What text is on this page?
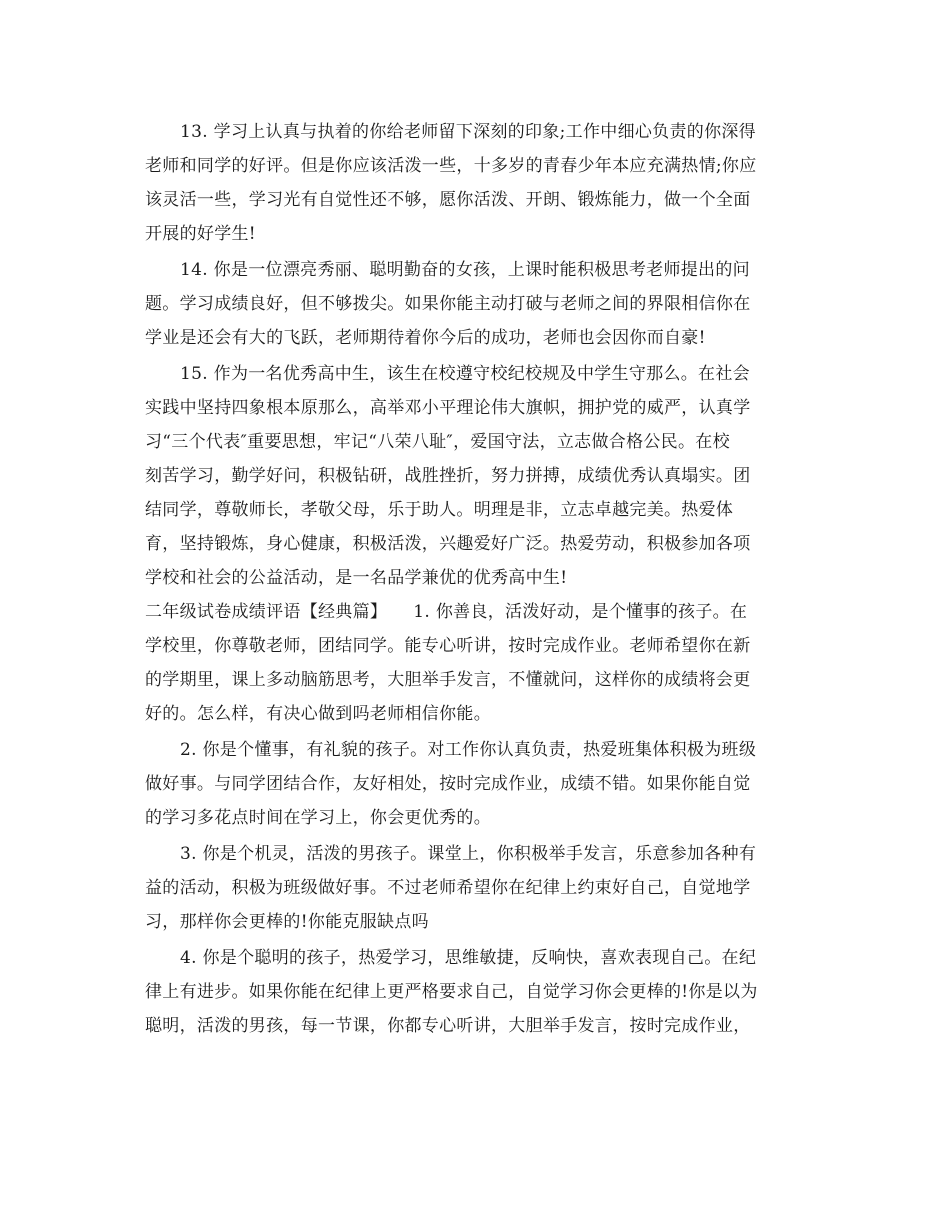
13. 学习上认真与执着的你给老师留下深刻的印象;工作中细心负责的你深得
老师和同学的好评。但是你应该活泼一些，十多岁的青春少年本应充满热情;你应
该灵活一些，学习光有自觉性还不够，愿你活泼、开朗、锻炼能力，做一个全面
开展的好学生!
14. 你是一位漂亮秀丽、聪明勤奋的女孩，上课时能积极思考老师提出的问
题。学习成绩良好，但不够拨尖。如果你能主动打破与老师之间的界限相信你在
学业是还会有大的飞跃，老师期待着你今后的成功，老师也会因你而自豪!
15. 作为一名优秀高中生，该生在校遵守校纪校规及中学生守那么。在社会
实践中坚持四象根本原那么，高举邓小平理论伟大旗帜，拥护党的威严，认真学
习“三个代表″重要思想，牢记“八荣八耻″，爱国守法，立志做合格公民。在校
刻苦学习，勤学好问，积极钻研，战胜挫折，努力拼搏，成绩优秀认真塌实。团
结同学，尊敬师长，孝敬父母，乐于助人。明理是非，立志卓越完美。热爱体
育，坚持锻炼，身心健康，积极活泼，兴趣爱好广泛。热爱劳动，积极参加各项
学校和社会的公益活动，是一名品学兼优的优秀高中生!
二年级试卷成绩评语【经典篇】　　1. 你善良，活泼好动，是个懂事的孩子。在
学校里，你尊敬老师，团结同学。能专心听讲，按时完成作业。老师希望你在新
的学期里，课上多动脑筋思考，大胆举手发言，不懂就问，这样你的成绩将会更
好的。怎么样，有决心做到吗老师相信你能。
2. 你是个懂事，有礼貌的孩子。对工作你认真负责，热爱班集体积极为班级
做好事。与同学团结合作，友好相处，按时完成作业，成绩不错。如果你能自觉
的学习多花点时间在学习上，你会更优秀的。
3. 你是个机灵，活泼的男孩子。课堂上，你积极举手发言，乐意参加各种有
益的活动，积极为班级做好事。不过老师希望你在纪律上约束好自己，自觉地学
习，那样你会更棒的!你能克服缺点吗
4. 你是个聪明的孩子，热爱学习，思维敏捷，反响快，喜欢表现自己。在纪
律上有进步。如果你能在纪律上更严格要求自己，自觉学习你会更棒的!你是以为
聪明，活泼的男孩，每一节课，你都专心听讲，大胆举手发言，按时完成作业，
